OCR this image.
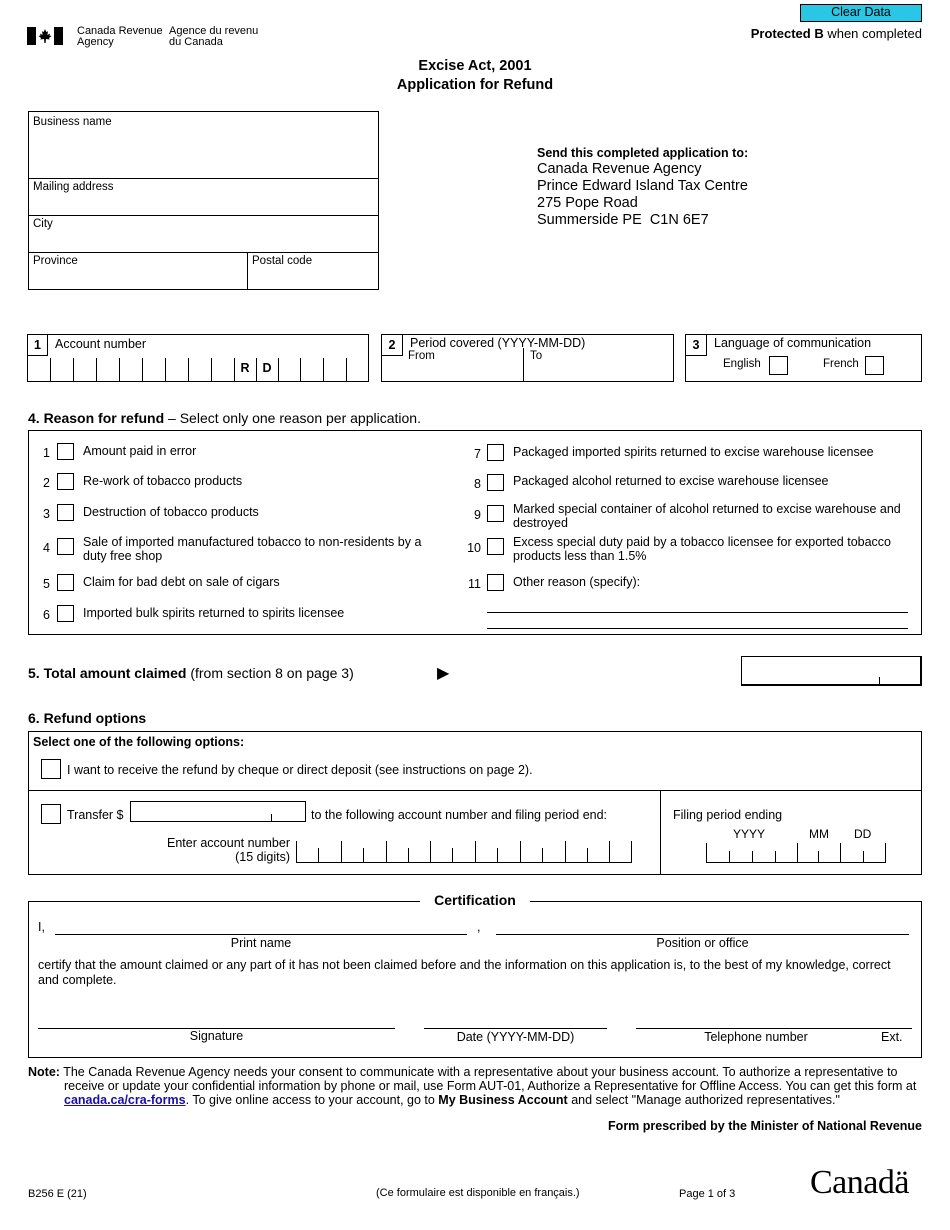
Canada Revenue
Agency
Agence du revenu
du Canada
Clear Data
Protected B when completed
Excise Act, 2001
Application for Refund
Business name
Mailing address
City
Province	Postal code
Send this completed application to:
Canada Revenue Agency
Prince Edward Island Tax Centre
275 Pope Road
Summerside PE  C1N 6E7
1	Account number
R	D
2	Period covered (YYYY-MM-DD)
From	To
3	Language of communication
English	French
4. Reason for refund – Select only one reason per application.
1	Amount paid in error
2	Re-work of tobacco products
3	Destruction of tobacco products
4	Sale of imported manufactured tobacco to non-residents by a duty free shop
5	Claim for bad debt on sale of cigars
6	Imported bulk spirits returned to spirits licensee
7	Packaged imported spirits returned to excise warehouse licensee
8	Packaged alcohol returned to excise warehouse licensee
9	Marked special container of alcohol returned to excise warehouse and destroyed
10	Excess special duty paid by a tobacco licensee for exported tobacco products less than 1.5%
11	Other reason (specify):
5. Total amount claimed (from section 8 on page 3)	▶
6. Refund options
Select one of the following options:
I want to receive the refund by cheque or direct deposit (see instructions on page 2).
Transfer $	to the following account number and filing period end:
Enter account number
(15 digits)
Filing period ending
YYYY	MM DD
Certification
I,	,
Print name	Position or office
certify that the amount claimed or any part of it has not been claimed before and the information on this application is, to the best of my knowledge, correct and complete.
Signature	Date (YYYY-MM-DD)	Telephone number	Ext.
Note: The Canada Revenue Agency needs your consent to communicate with a representative about your business account. To authorize a representative to receive or update your confidential information by phone or mail, use Form AUT-01, Authorize a Representative for Offline Access. You can get this form at canada.ca/cra-forms. To give online access to your account, go to My Business Account and select "Manage authorized representatives."
Form prescribed by the Minister of National Revenue
B256 E (21)	(Ce formulaire est disponible en français.)	Page 1 of 3 Canadä
